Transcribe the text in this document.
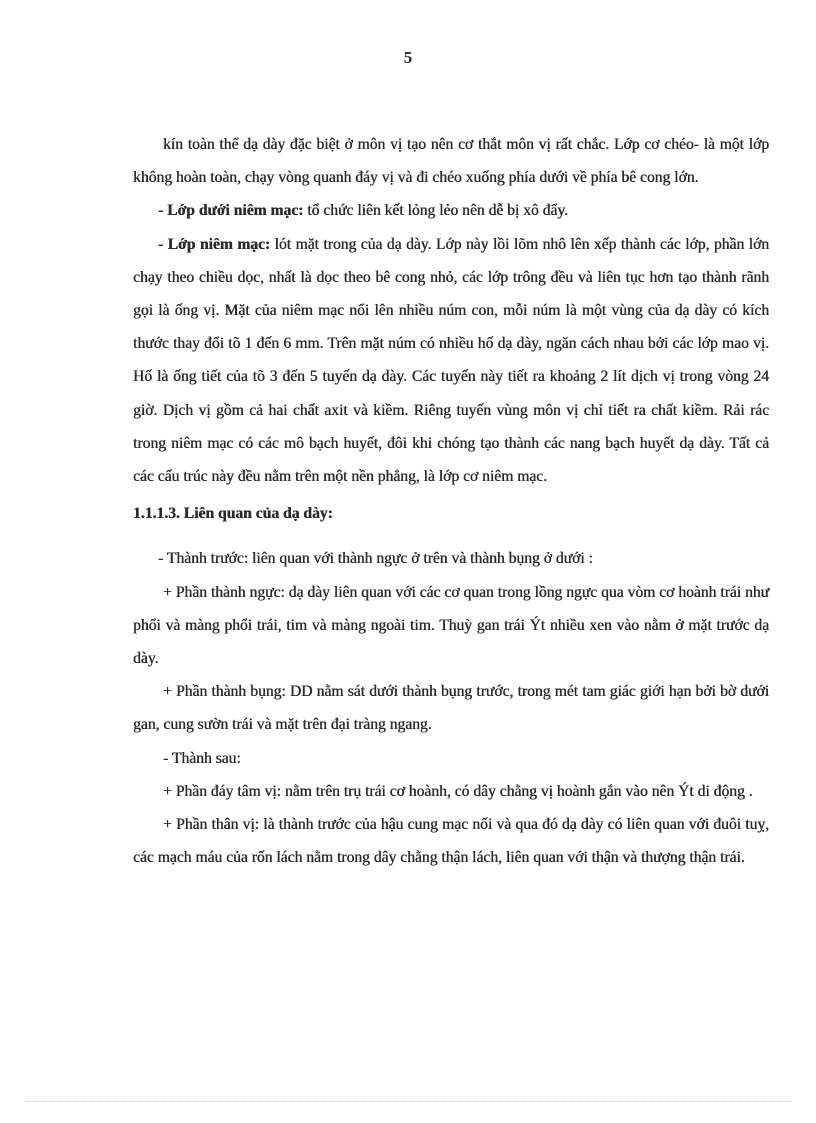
5

kín toàn thể dạ dày đặc biệt ở môn vị tạo nên cơ thắt môn vị rất chắc. Lớp cơ chéo- là một lớp không hoàn toàn, chạy vòng quanh đáy vị và đi chéo xuống phía dưới về phía bê cong lớn.

- Lớp dưới niêm mạc: tổ chức liên kết lỏng lẻo nên dễ bị xô đẩy.

- Lớp niêm mạc: lót mặt trong của dạ dày. Lớp này lồi lõm nhô lên xếp thành các lớp, phần lớn chạy theo chiều dọc, nhất là dọc theo bê cong nhỏ, các lớp trông đều và liên tục hơn tạo thành rãnh gọi là ống vị. Mặt của niêm mạc nổi lên nhiều núm con, mỗi núm là một vùng của dạ dày có kích thước thay đổi tõ 1 đến 6 mm. Trên mặt núm có nhiều hố dạ dày, ngăn cách nhau bởi các lớp mao vị. Hố là ống tiết của tõ 3 đến 5 tuyến dạ dày. Các tuyến này tiết ra khoảng 2 lít dịch vị trong vòng 24 giờ. Dịch vị gồm cả hai chất axit và kiềm. Riêng tuyến vùng môn vị chỉ tiết ra chất kiềm. Rải rác trong niêm mạc có các mô bạch huyết, đôi khi chóng tạo thành các nang bạch huyết dạ dày. Tất cả các cấu trúc này đều nằm trên một nền phẳng, là lớp cơ niêm mạc.

1.1.1.3. Liên quan của dạ dày:

- Thành trước: liên quan với thành ngực ở trên và thành bụng ở dưới :

+ Phần thành ngực: dạ dày liên quan với các cơ quan trong lồng ngực qua vòm cơ hoành trái như phổi và màng phổi trái, tim và màng ngoài tim. Thuỳ gan trái Ýt nhiều xen vào nằm ở mặt trước dạ dày.

+ Phần thành bụng: DD nằm sát dưới thành bụng trước, trong mét tam giác giới hạn bởi bờ dưới gan, cung sườn trái và mặt trên đại tràng ngang.

- Thành sau:

+ Phần đáy tâm vị: nằm trên trụ trái cơ hoành, có dây chằng vị hoành gắn vào nên Ýt di động .

+ Phần thân vị: là thành trước của hậu cung mạc nối và qua đó dạ dày có liên quan với đuôi tuỵ, các mạch máu của rốn lách nằm trong dây chằng thận lách, liên quan với thận và thượng thận trái.
